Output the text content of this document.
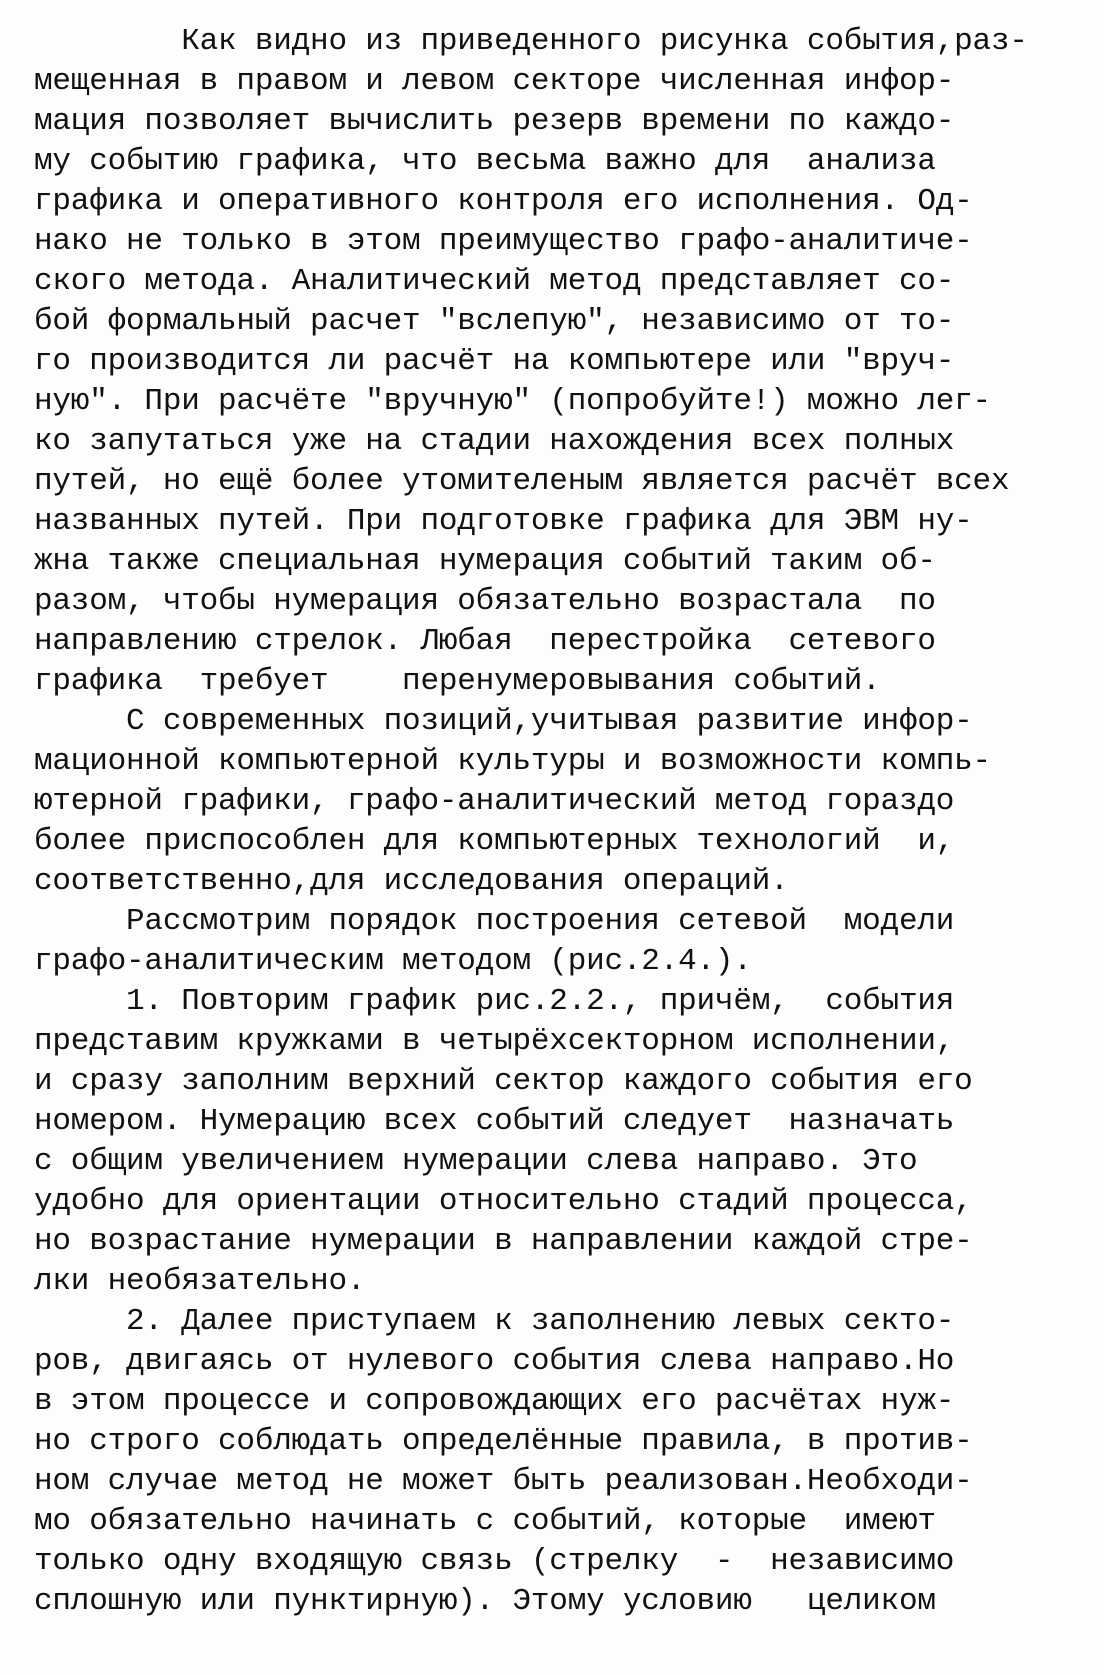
Как видно из приведенного рисунка события,раз-
мещенная в правом и левом секторе численная инфор-
мация позволяет вычислить резерв времени по каждо-
му событию графика, что весьма важно для  анализа
графика и оперативного контроля его исполнения. Од-
нако не только в этом преимущество графо-аналитиче-
ского метода. Аналитический метод представляет со-
бой формальный расчет "вслепую", независимо от то-
го производится ли расчёт на компьютере или "вруч-
ную". При расчёте "вручную" (попробуйте!) можно лег-
ко запутаться уже на стадии нахождения всех полных
путей, но ещё более утомителеным является расчёт всех
названных путей. При подготовке графика для ЭВМ ну-
жна также специальная нумерация событий таким об-
разом, чтобы нумерация обязательно возрастала  по
направлению стрелок. Любая  перестройка  сетевого
графика  требует    перенумеровывания событий.
С современных позиций,учитывая развитие инфор-
мационной компьютерной культуры и возможности компь-
ютерной графики, графо-аналитический метод гораздо
более приспособлен для компьютерных технологий  и,
соответственно,для исследования операций.
Рассмотрим порядок построения сетевой  модели
графо-аналитическим методом (рис.2.4.).
1. Повторим график рис.2.2., причём,  события
представим кружками в четырёхсекторном исполнении,
и сразу заполним верхний сектор каждого события его
номером. Нумерацию всех событий следует  назначать
с общим увеличением нумерации слева направо. Это
удобно для ориентации относительно стадий процесса,
но возрастание нумерации в направлении каждой стре-
лки необязательно.
2. Далее приступаем к заполнению левых секто-
ров, двигаясь от нулевого события слева направо.Но
в этом процессе и сопровождающих его расчётах нуж-
но строго соблюдать определённые правила, в против-
ном случае метод не может быть реализован.Необходи-
мо обязательно начинать с событий, которые  имеют
только одну входящую связь (стрелку  -  независимо
сплошную или пунктирную). Этому условию   целиком
